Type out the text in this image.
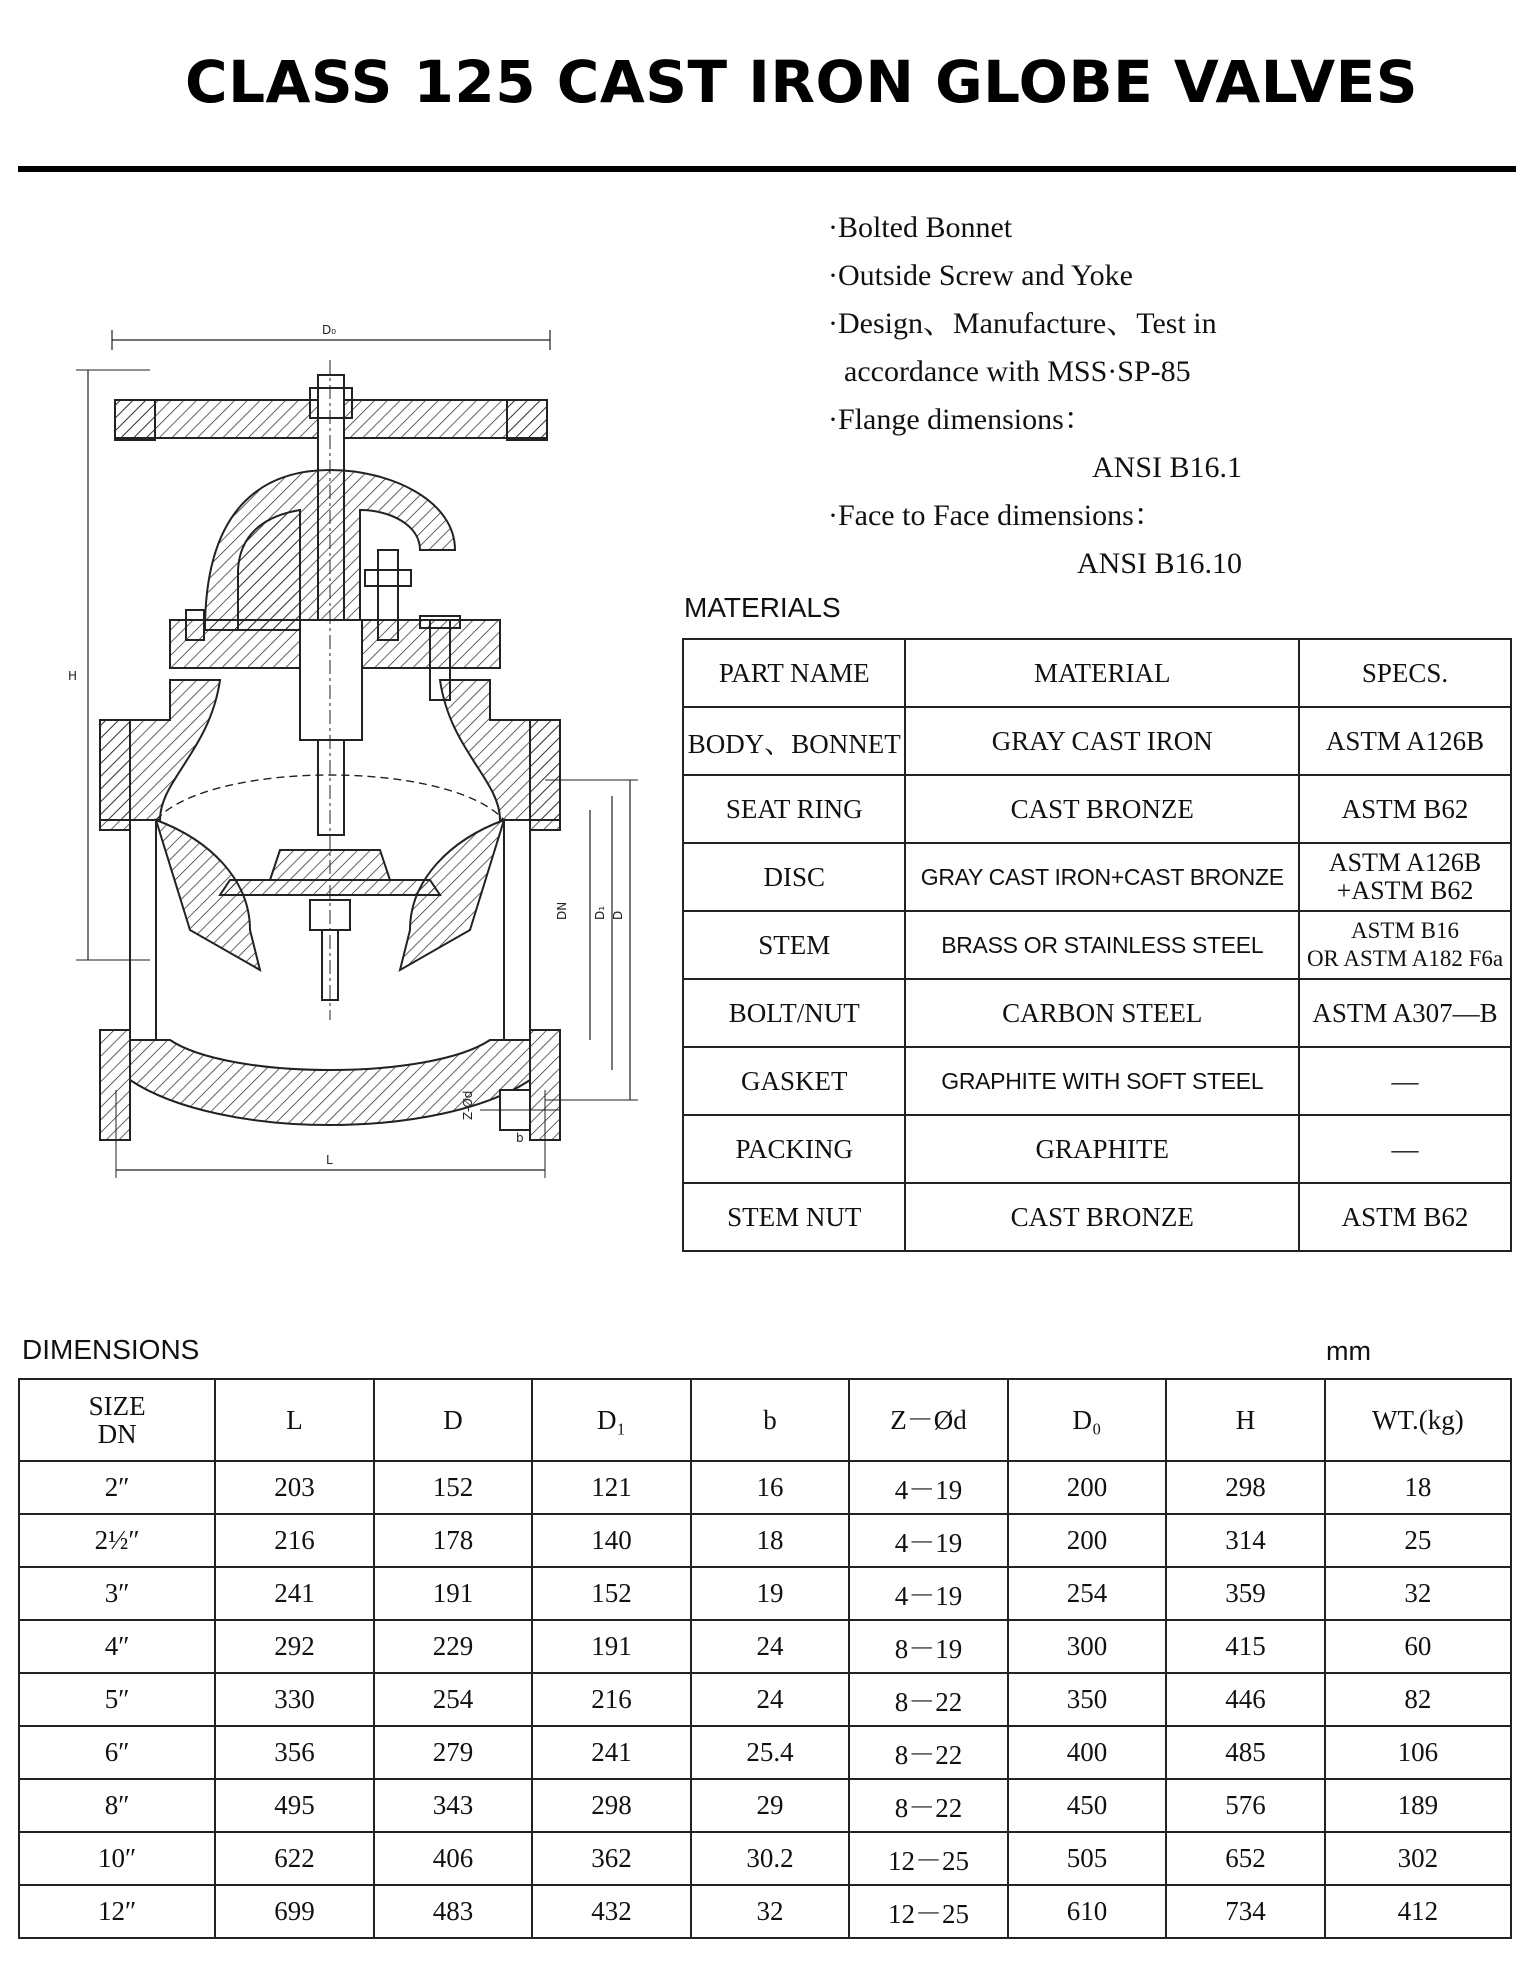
CLASS 125 CAST IRON GLOBE VALVES
D₀
H
L
DN D₁ D
Z-Ød
b
·Bolted Bonnet
·Outside Screw and Yoke
·Design、Manufacture、Test in
accordance with MSS·SP-85
·Flange dimensions：
ANSI B16.1
·Face to Face dimensions：
ANSI B16.10
MATERIALS
PART NAME	MATERIAL	SPECS.
BODY、BONNET	GRAY CAST IRON	ASTM A126B
SEAT RING	CAST BRONZE	ASTM B62
DISC	GRAY CAST IRON+CAST BRONZE	ASTM A126B
+ASTM B62

STEM	BRASS OR STAINLESS STEEL	ASTM B16
OR ASTM A182 F6a

BOLT/NUT	CARBON STEEL	ASTM A307—B
GASKET	GRAPHITE WITH SOFT STEEL	—
PACKING	GRAPHITE	—
STEM NUT	CAST BRONZE	ASTM B62
DIMENSIONS	mm
SIZE
DN	L	D	D₁	b	Z－Ød	D₀	H	WT.(kg)
2″	203	152	121	16	4－19	200	298	18
2½″	216	178	140	18	4－19	200	314	25
3″	241	191	152	19	4－19	254	359	32
4″	292	229	191	24	8－19	300	415	60
5″	330	254	216	24	8－22	350	446	82
6″	356	279	241	25.4	8－22	400	485	106
8″	495	343	298	29	8－22	450	576	189
10″	622	406	362	30.2	12－25	505	652	302
12″	699	483	432	32	12－25	610	734	412
